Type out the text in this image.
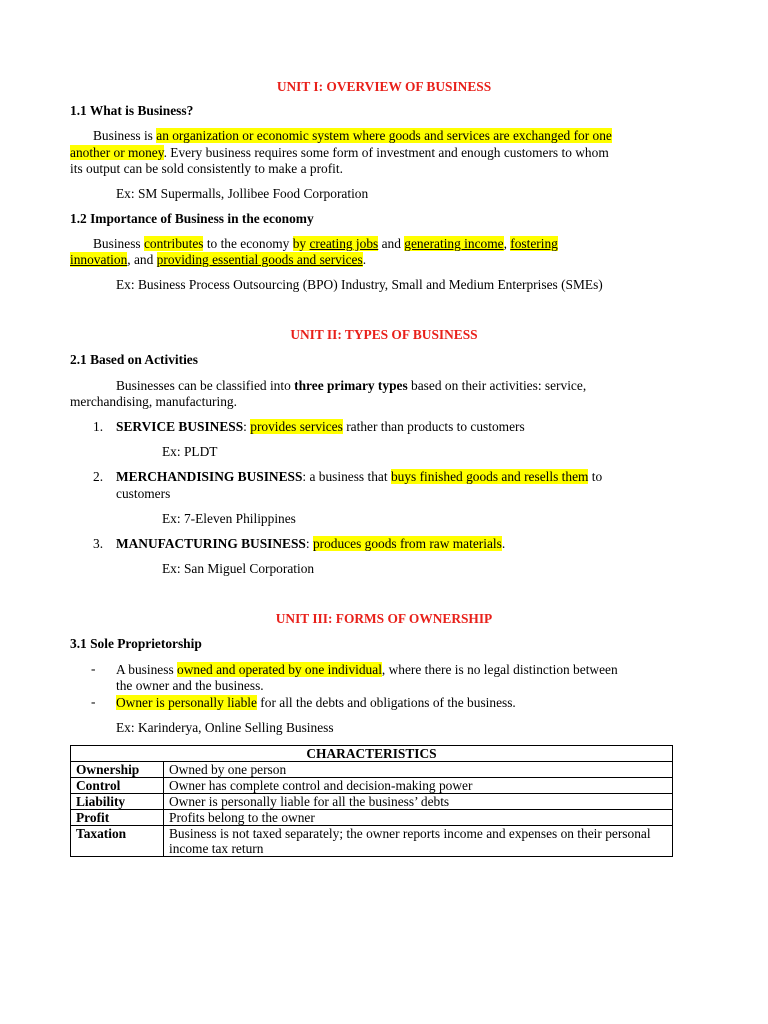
UNIT I: OVERVIEW OF BUSINESS
1.1 What is Business?
Business is an organization or economic system where goods and services are exchanged for one
another or money. Every business requires some form of investment and enough customers to whom
its output can be sold consistently to make a profit.
Ex: SM Supermalls, Jollibee Food Corporation
1.2 Importance of Business in the economy
Business contributes to the economy by creating jobs and generating income, fostering
innovation, and providing essential goods and services.
Ex: Business Process Outsourcing (BPO) Industry, Small and Medium Enterprises (SMEs)
UNIT II: TYPES OF BUSINESS
2.1 Based on Activities
Businesses can be classified into three primary types based on their activities: service,
merchandising, manufacturing.
1. SERVICE BUSINESS: provides services rather than products to customers
Ex: PLDT
2. MERCHANDISING BUSINESS: a business that buys finished goods and resells them to
customers
Ex: 7-Eleven Philippines
3. MANUFACTURING BUSINESS: produces goods from raw materials.
Ex: San Miguel Corporation
UNIT III: FORMS OF OWNERSHIP
3.1 Sole Proprietorship
- A business owned and operated by one individual, where there is no legal distinction between
the owner and the business.
- Owner is personally liable for all the debts and obligations of the business.
Ex: Karinderya, Online Selling Business
CHARACTERISTICS	
Ownership	Owned by one person
Control	Owner has complete control and decision-making power
Liability	Owner is personally liable for all the business’ debts
Profit	Profits belong to the owner
Taxation	Business is not taxed separately; the owner reports income and expenses on their personal income tax return
